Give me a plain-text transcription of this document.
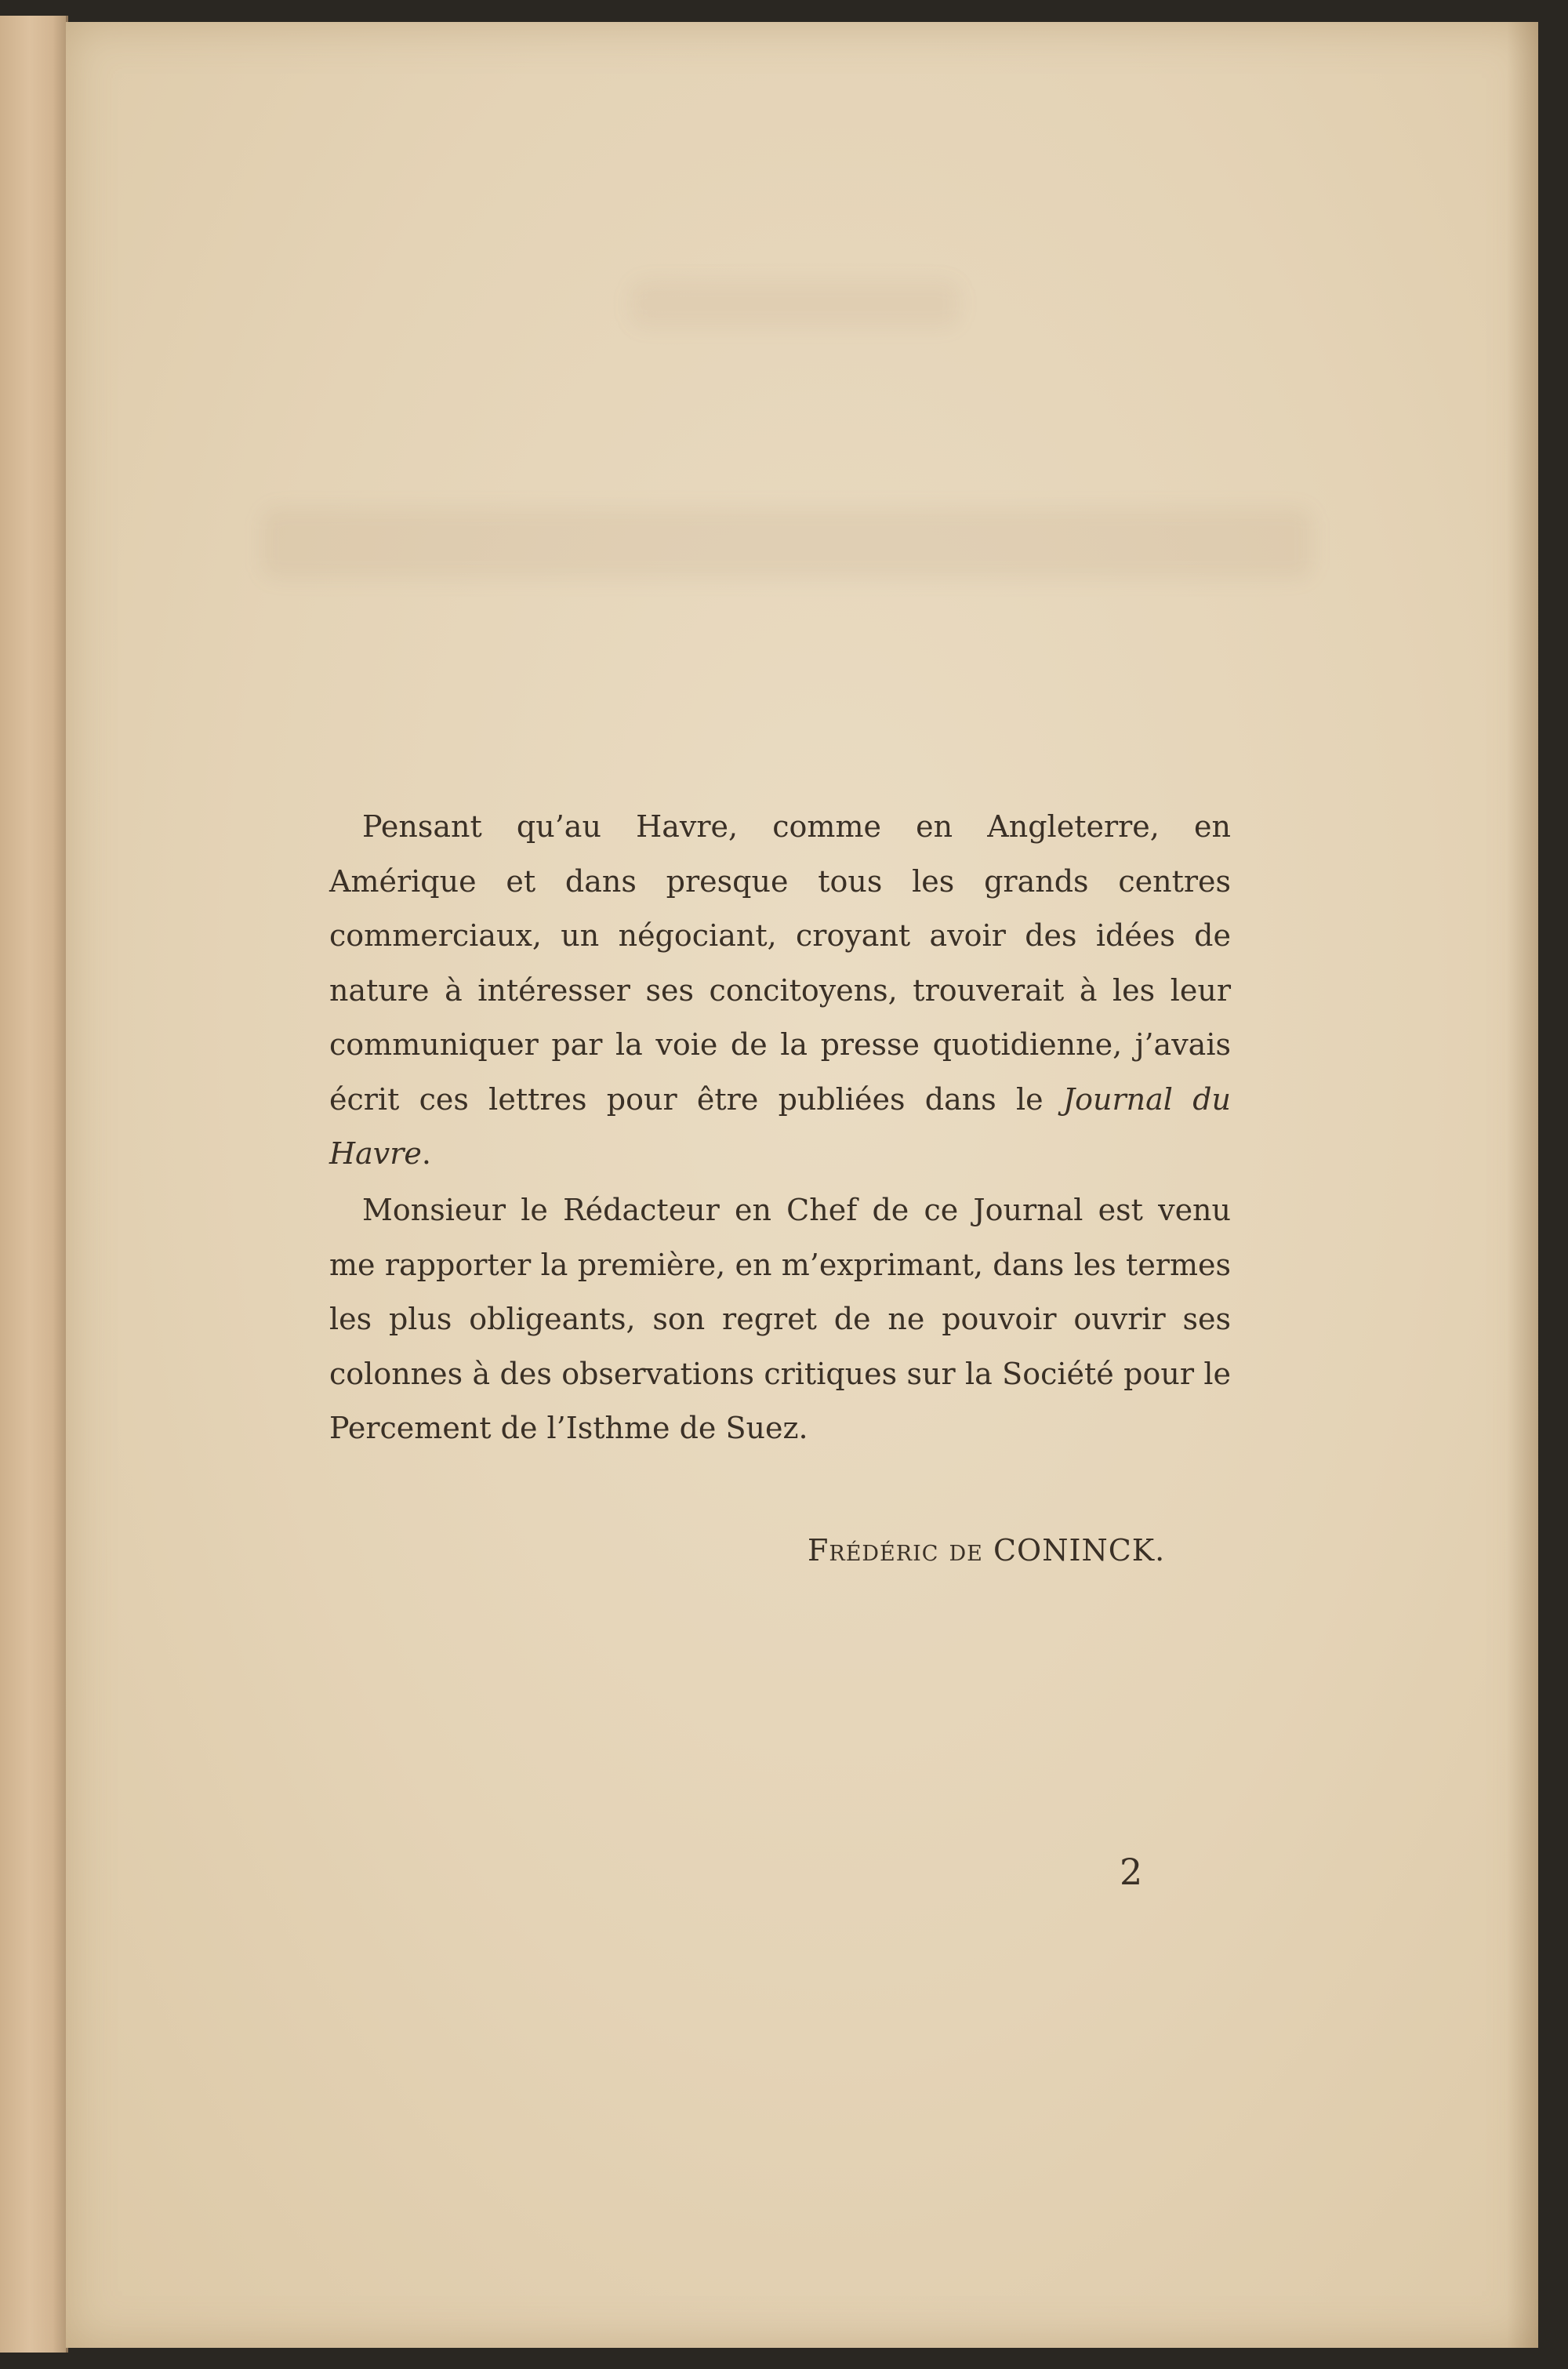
Pensant qu’au Havre, comme en Angleterre, en Amérique et dans presque tous les grands centres commerciaux, un négociant, croyant avoir des idées de nature à intéresser ses concitoyens, trouverait à les leur communiquer par la voie de la presse quotidienne, j’avais écrit ces lettres pour être publiées dans le Journal du Havre.

Monsieur le Rédacteur en Chef de ce Journal est venu me rapporter la première, en m’exprimant, dans les termes les plus obligeants, son regret de ne pouvoir ouvrir ses colonnes à des observations critiques sur la Société pour le Percement de l’Isthme de Suez.

Frédéric de CONINCK.
2
